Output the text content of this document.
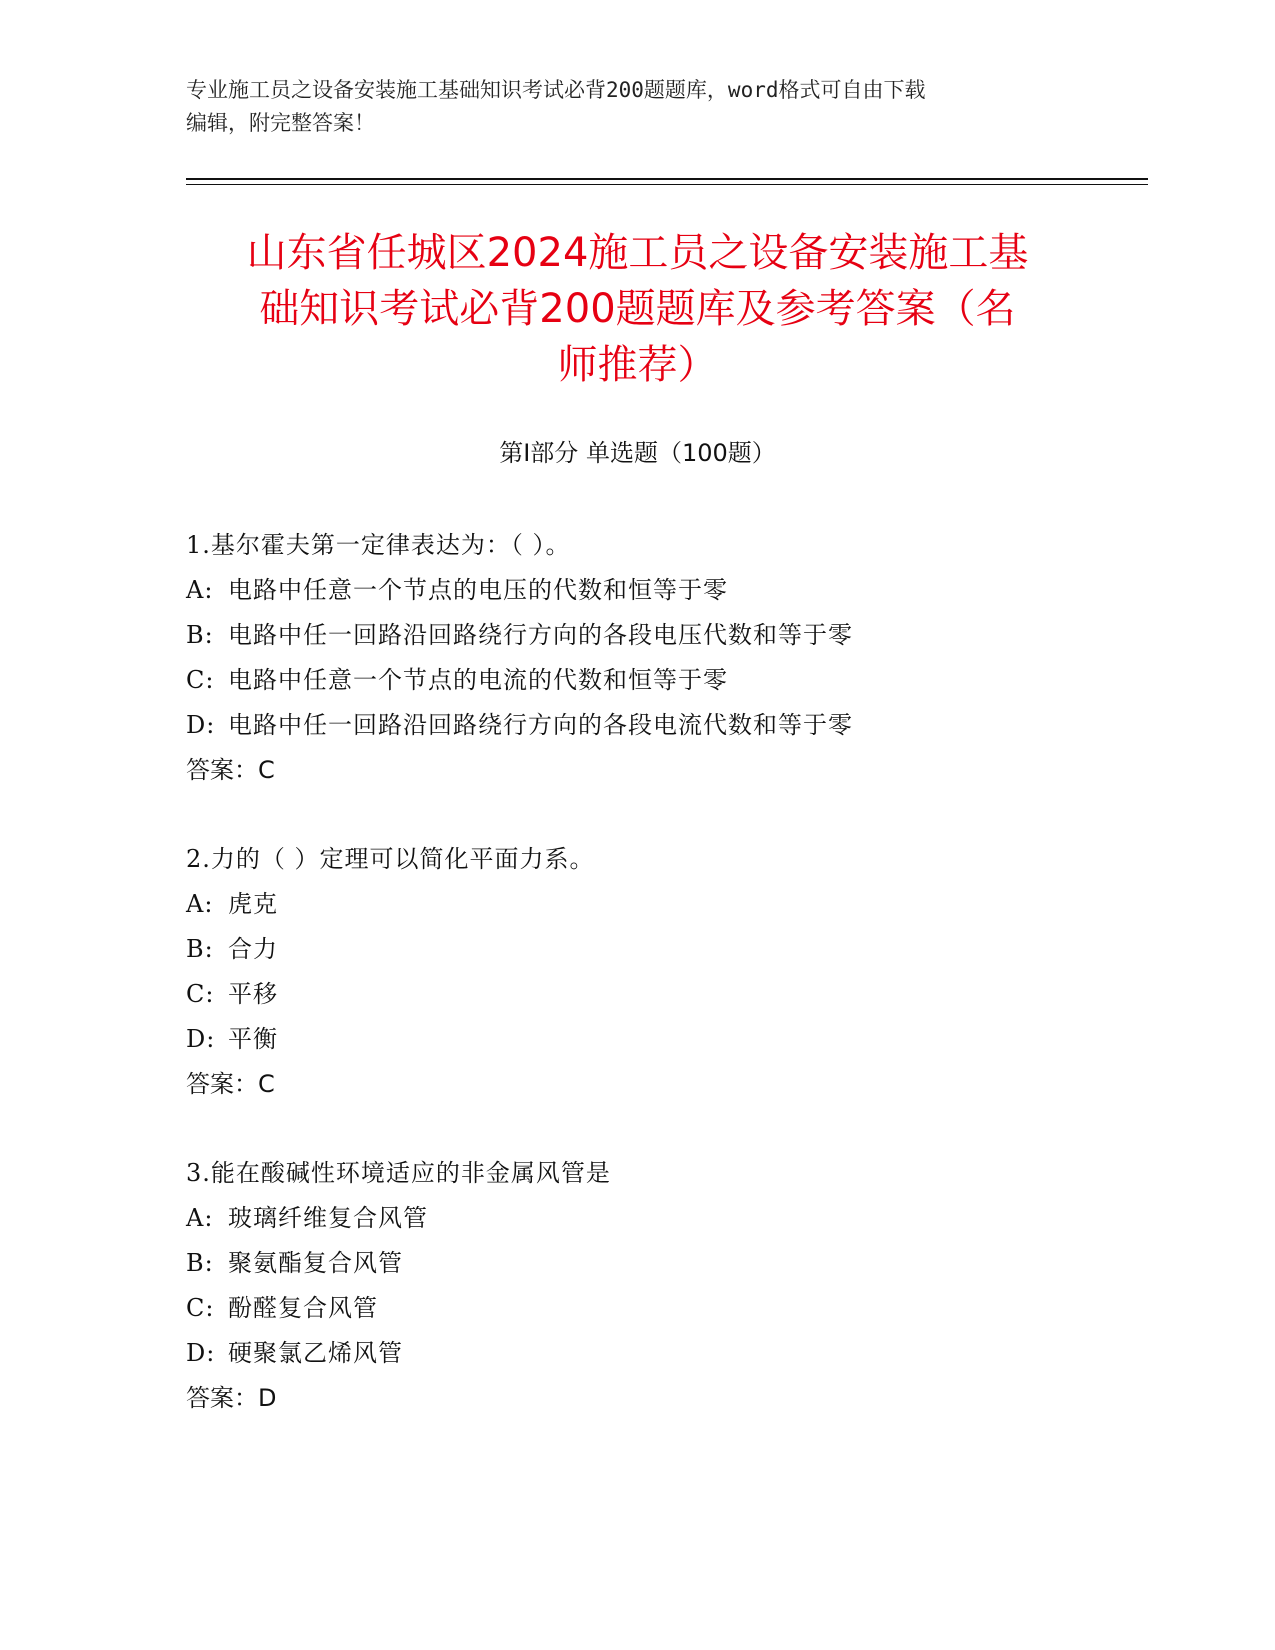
专业施工员之设备安装施工基础知识考试必背200题题库，word格式可自由下载
编辑，附完整答案！
山东省任城区2024施工员之设备安装施工基
础知识考试必背200题题库及参考答案（名
师推荐）
第Ⅰ部分 单选题（100题）
1.基尔霍夫第一定律表达为：（ ）。
A: 电路中任意一个节点的电压的代数和恒等于零
B: 电路中任一回路沿回路绕行方向的各段电压代数和等于零
C: 电路中任意一个节点的电流的代数和恒等于零
D: 电路中任一回路沿回路绕行方向的各段电流代数和等于零
答案：C
2.力的（ ）定理可以简化平面力系。
A: 虎克
B: 合力
C: 平移
D: 平衡
答案：C
3.能在酸碱性环境适应的非金属风管是
A: 玻璃纤维复合风管
B: 聚氨酯复合风管
C: 酚醛复合风管
D: 硬聚氯乙烯风管
答案：D
